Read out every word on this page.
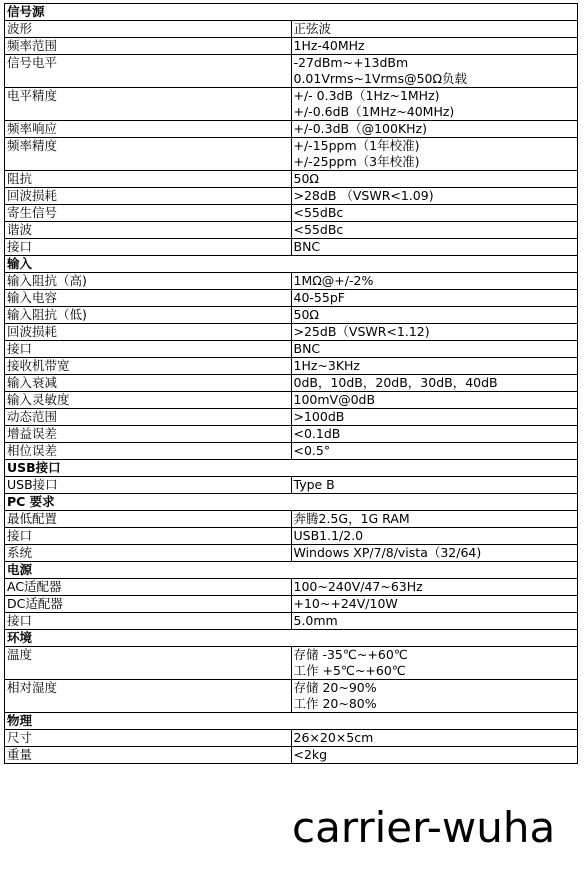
信号源	
波形	正弦波

频率范围	1Hz-40MHz

信号电平	-27dBm~+13dBm
0.01Vrms~1Vrms@50Ω负载

电平精度	+/- 0.3dB（1Hz~1MHz)
+/-0.6dB（1MHz~40MHz)

频率响应	+/-0.3dB（@100KHz)

频率精度	+/-15ppm（1年校准)
+/-25ppm（3年校准)

阻抗	50Ω

回波损耗	>28dB （VSWR<1.09)

寄生信号	<55dBc

谐波	<55dBc

接口	BNC

输入	
输入阻抗（高)	1MΩ@+/-2%

输入电容	40-55pF

输入阻抗（低)	50Ω

回波损耗	>25dB（VSWR<1.12)

接口	BNC

接收机带宽	1Hz~3KHz

输入衰减	0dB，10dB，20dB，30dB，40dB

输入灵敏度	100mV@0dB

动态范围	>100dB

增益误差	<0.1dB

相位误差	<0.5°

USB接口	
USB接口	Type B

PC 要求	
最低配置	奔腾2.5G，1G RAM

接口	USB1.1/2.0

系统	Windows XP/7/8/vista（32/64)

电源	
AC适配器	100~240V/47~63Hz

DC适配器	+10~+24V/10W

接口	5.0mm

环境	
温度	存储 -35℃~+60℃
工作 +5℃~+60℃

相对湿度	存储 20~90%
工作 20~80%

物理	
尺寸	26×20×5cm

重量	<2kg
carrier-wuha
